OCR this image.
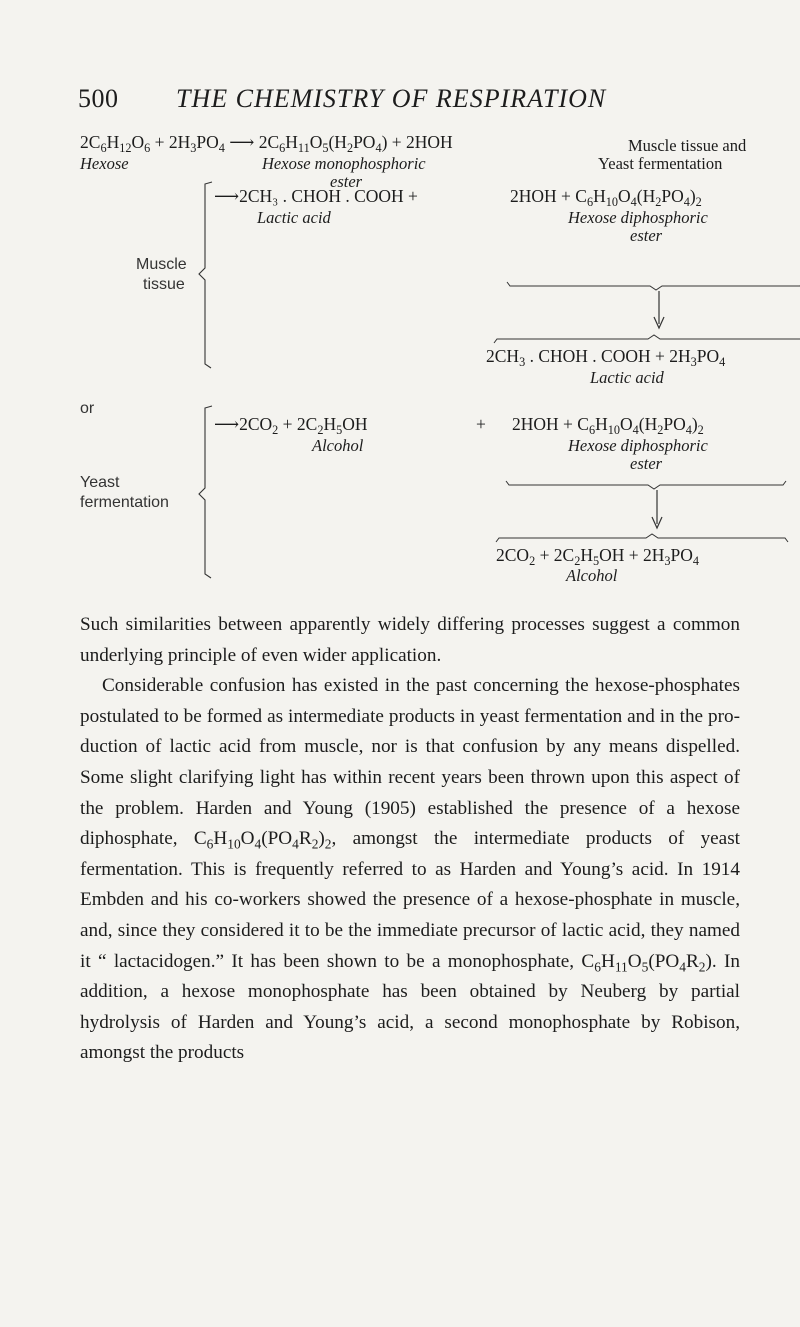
500 THE CHEMISTRY OF RESPIRATION
$2C_6H_{12}O_6 + 2H_3PO_4$ ⟶ $2C_6H_{11}O_5(H_2PO_4) + 2HOH$
Hexose	Hexose monophosphoric
ester
Muscle tissue and
Yeast fermentation
Muscle
tissue
⟶2CH₃ . CHOH . COOH +
Lactic acid
$2HOH + C_6H_{10}O_4(H_2PO_4)_2$
Hexose diphosphoric
ester
$2CH_3$ . CHOH . COOH + $2H_3PO_4$
Lactic acid
or
Yeast
fermentation
$⟶2CO_2 + 2C_2H_5OH$
Alcohol
+ $2HOH + C_6H_{10}O_4(H_2PO_4)_2$
Hexose diphosphoric
ester
$2CO_2 + 2C_2H_5OH + 2H_3PO_4$
Alcohol

Such similarities between apparently widely differing processes suggest a common underlying principle of even wider application.

Considerable confusion has existed in the past concerning the hexose-phosphates postulated to be formed as intermediate products in yeast fermentation and in the production of lactic acid from muscle, nor is that confusion by any means dispelled. Some slight clarifying light has within recent years been thrown upon this aspect of the problem. Harden and Young (1905) established the presence of a hexose diphosphate, $C_6H_{10}O_4(PO_4R_2)_2$, amongst the intermediate products of yeast fermentation. This is frequently referred to as Harden and Young’s acid. In 1914 Embden and his co-workers showed the presence of a hexose-phosphate in muscle, and, since they considered it to be the immediate precursor of lactic acid, they named it “ lactacidogen.” It has been shown to be a monophosphate, $C_6H_{11}O_5(PO_4R_2)$. In addition, a hexose monophosphate has been obtained by Neuberg by partial hydrolysis of Harden and Young’s acid, a second monophosphate by Robison, amongst the products
